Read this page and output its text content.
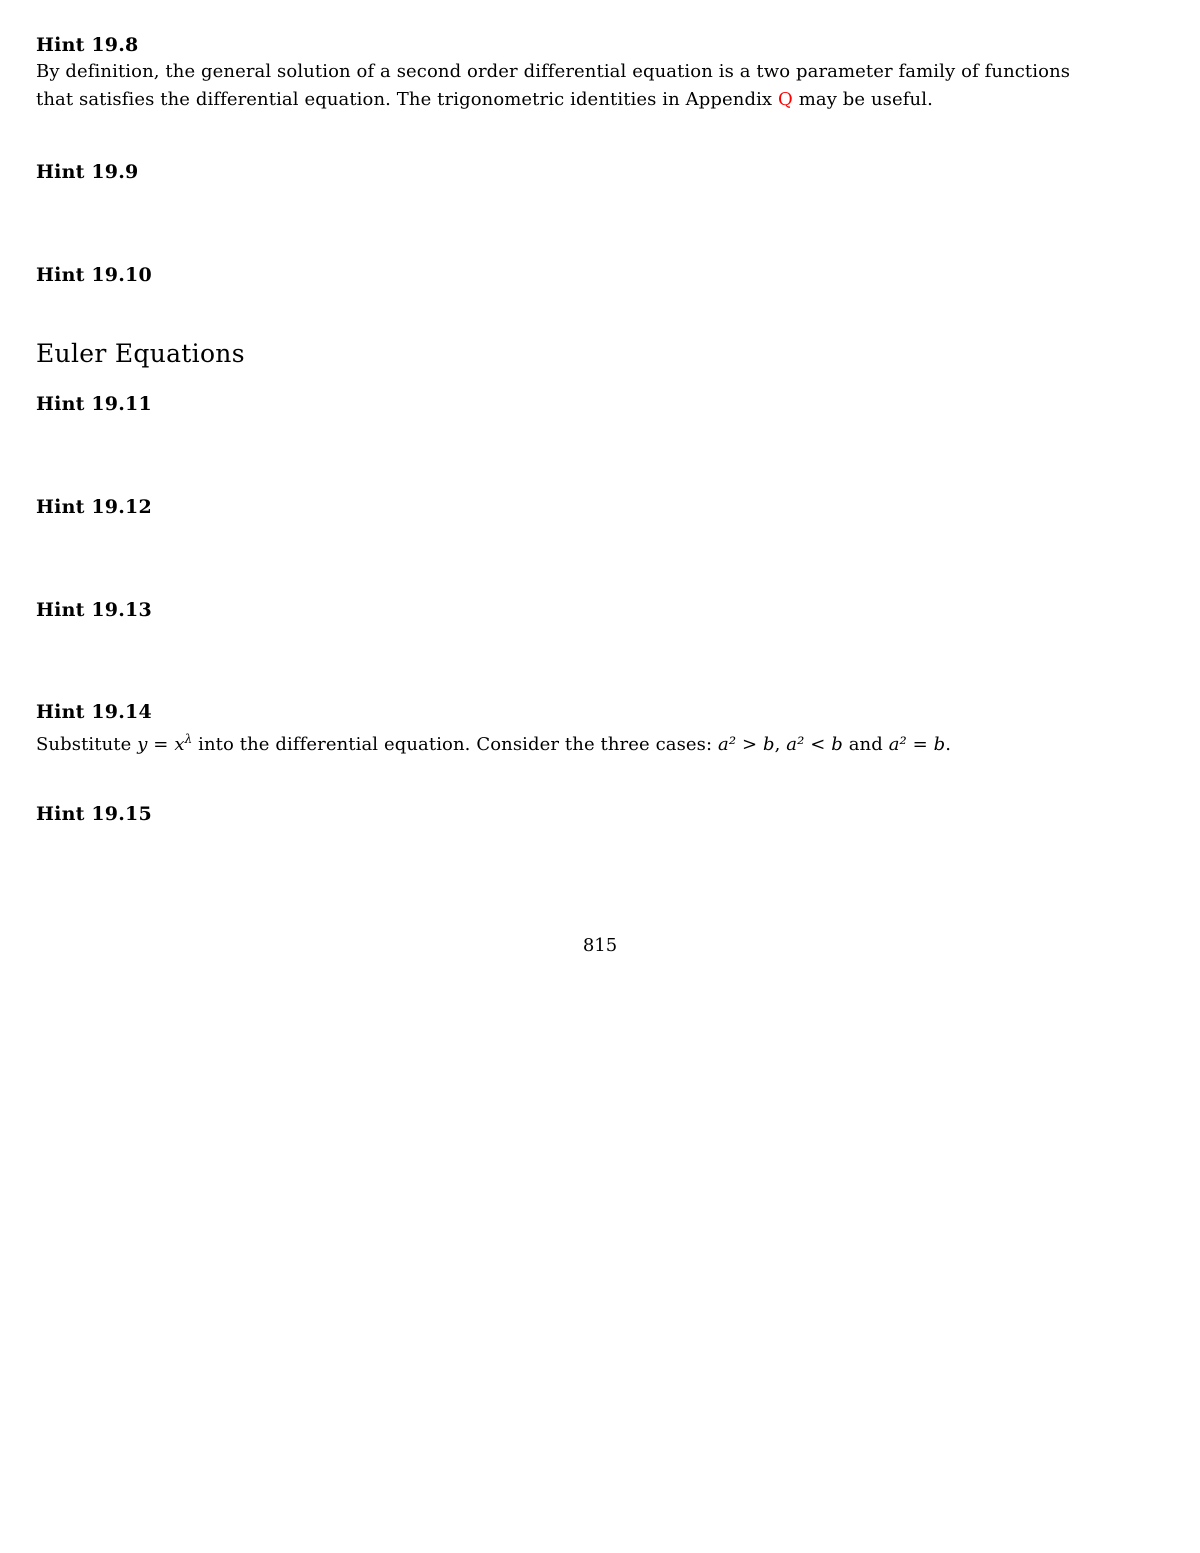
Hint 19.8

By definition, the general solution of a second order differential equation is a two parameter family of functions

that satisfies the differential equation. The trigonometric identities in Appendix Q may be useful.

Hint 19.9

Hint 19.10

Euler Equations

Hint 19.11

Hint 19.12

Hint 19.13

Hint 19.14

Substitute $y = x^\lambda$ into the differential equation. Consider the three cases: a² > b, a² < b and a² = b.

Hint 19.15

815
